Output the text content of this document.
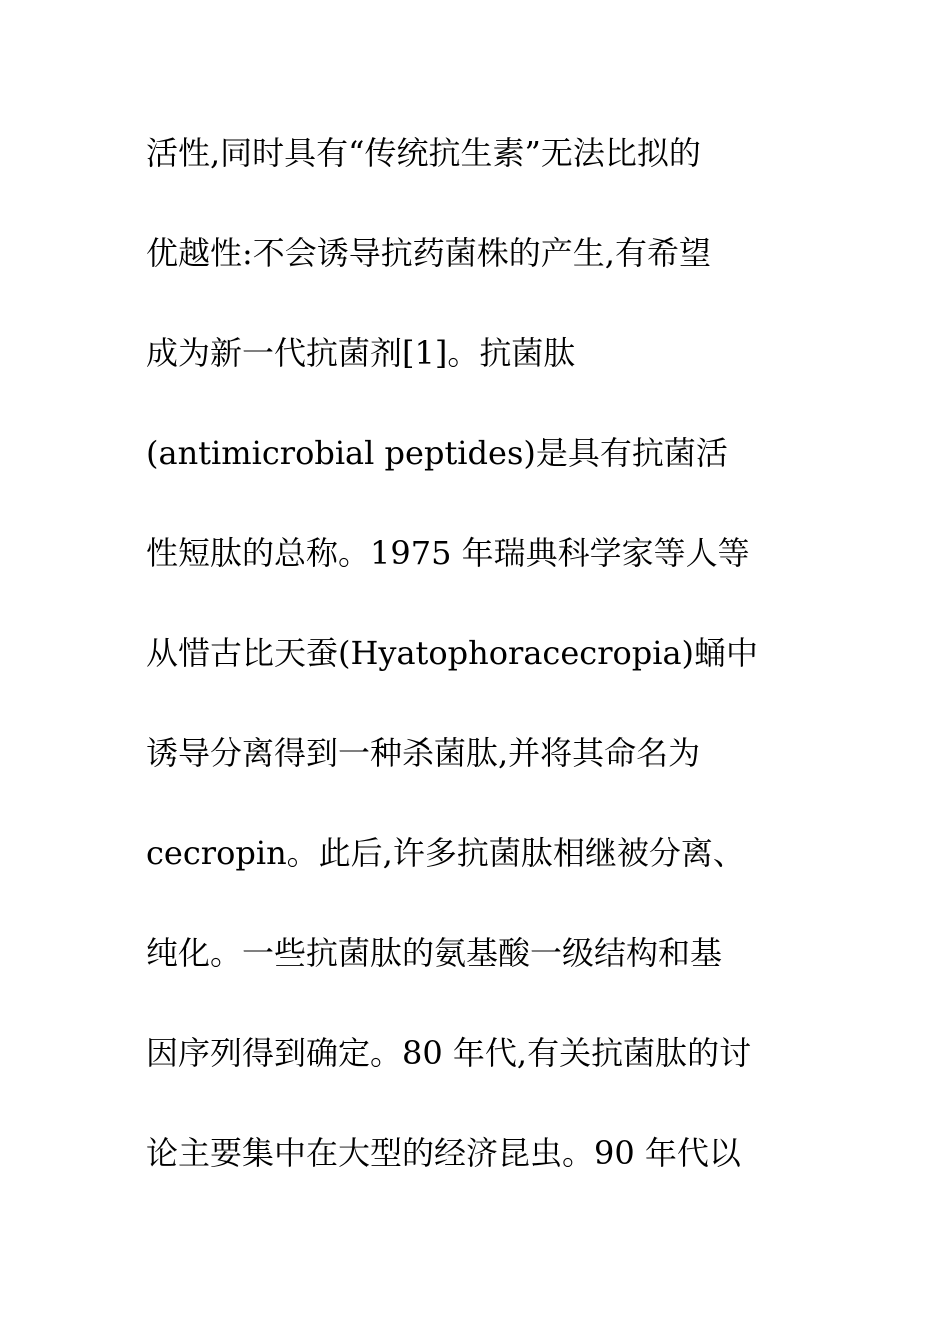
活性,同时具有“传统抗生素”无法比拟的
优越性:不会诱导抗药菌株的产生,有希望
成为新一代抗菌剂[1]。抗菌肽
(antimicrobial peptides)是具有抗菌活
性短肽的总称。1975 年瑞典科学家等人等
从惜古比天蚕(Hyatophoracecropia)蛹中
诱导分离得到一种杀菌肽,并将其命名为
cecropin。此后,许多抗菌肽相继被分离、
纯化。一些抗菌肽的氨基酸一级结构和基
因序列得到确定。80 年代,有关抗菌肽的讨
论主要集中在大型的经济昆虫。90 年代以
